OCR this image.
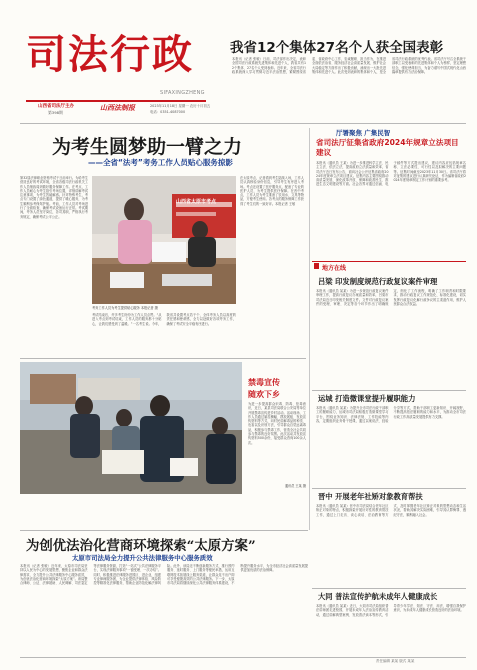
司法行政
SIFAXINGZHENG
山西省司法厅主办
第398期
山西法制报	2023年11月18日 星期一 农历十月初五
电话：0351-4087000
我省12个集体27名个人获全国表彰
本报讯（记者 张敏）日前，司法部作出决定，表彰全国司法行政系统先进集体和先进个人，我省共有12个集体、27名个人受到表彰。近年来，全省司法行政系统深入学习贯彻习近平法治思想，紧紧围绕省委、省政府中心工作，忠诚履职、担当作为，在推进全面依法治省、服务经济社会高质量发展、维护社会大局稳定等方面作出了积极贡献，涌现出一大批先进集体和先进个人。此次受到表彰的集体和个人，是全省司法行政系统的优秀代表。省司法厅号召全系统干部职工以受表彰的先进集体和个人为榜样，坚定理想信念，强化使命担当，为奋力谱写中国式现代化山西篇章提供有力法治保障。
为考生圆梦助一臂之力
——全省“法考”考务工作人员贴心服务掠影
第32届法律职业资格考试于日前举行。为给考生营造良好的考试环境，全省各级司法行政机关工作人员细致周到做好服务保障工作。在考点，工作人员耐心为考生指引考场位置，详细讲解考试注意事项，为考生答疑解惑。针对特殊考生，考点专门设置了绿色通道，提供了暖心服务，为考生顺利参考保驾护航。考前，工作人员对考场进行了全面检查，确保考试设备运行正常。考试期间，考务人员坚守岗位，各司其职，严格执行考务规定，确保考试公平公正。
山西省太原市考点
考务工作人员为考生提供贴心服务 本报记者 摄
考试结束后，许多考生纷纷为工作人员点赞。“从进入考点到考试结束，工作人员的服务都十分贴心，让我们感受到了温暖。”一名考生说。今年，我省共设置考点若干个，全体考务人员以高度的责任感和使命感，全力以赴做好各项考务工作，确保了考试安全平稳有序进行。
在太原考点，记者看到考生陆续入场，工作人员认真核验身份信息，引导考生有序进入考场。考点还设置了医疗服务点，配备了专业的医护人员，为考生提供医疗保障。在晋中考点，工作人员为考生准备了饮用水、文具等物品，方便考生使用。各考点的服务保障工作获得了考生们的一致好评。本报记者 王敏
禁毒宣传
随欢下乡
为进一步提高群众识毒、防毒、拒毒意识，近日，某县司法局联合公安局等单位开展禁毒宣传进乡村活动。活动现场，工作人员通过悬挂横幅、摆放展板、发放宣传资料等方式，向村民讲解毒品的种类、危害以及识别方法，引导群众自觉远离毒品，积极参与禁毒工作，营造全社会共同参与禁毒的良好氛围。此次活动共发放宣传资料500余份，接受群众咨询100余人次。
通讯员 王某 摄
厅署聚焦 广集民智
省司法厅征集省政府2024年规章立法项目建议
本报讯（通讯员 王某）为进一步推进科学立法、民主立法、依法立法，提高政府立法质量和效率，省司法厅近日发布公告，面向社会公开征集省政府2024年度规章立法项目建议。征集内容主要围绕推动高质量发展、深化改革开放、保障和改善民生、推进生态文明建设等方面。社会各界可通过信函、电子邮件等方式提出建议，建议内容应包括规章名称、立法必要性、可行性以及拟解决的主要问题等。征集时间截至2023年11月30日。省司法厅将对征集的建议进行认真研究论证，作为编制省政府2024年度规章制定工作计划的重要参考。
地方在线
吕梁 印发制度规范行政复议案件审理
本报讯（通讯员 某某）为进一步规范行政复议案件审理工作，提高行政复议办案质量和效率，吕梁市司法局近日印发相关制度文件。文件对行政复议案件的受理、审理、决定等各个环节作出了明确规定，细化了工作流程，明确了工作职责和时限要求，推动行政复议工作规范化、标准化建设，切实发挥行政复议化解行政争议的主渠道作用，维护人民群众合法权益。
运城 打造微课堂提升履职能力
本报讯（通讯员 某某）为提升全市司法行政干部职工的履职能力，运城市司法局积极打造微课堂学习平台，围绕业务知识、法律法规、工作技能等内容，定期组织业务骨干授课，通过以案说法、经验分享等方式，帮助干部职工更新知识、开阔视野，不断提高依法履职的能力和水平，为推动全市司法行政工作高质量发展提供有力支撑。
晋中 开展老年社矫对象教育帮扶
本报讯（通讯员 某某）晋中市司法局结合老年社区矫正对象的特点，积极探索开展针对性的教育帮扶工作，通过上门走访、谈心谈话、法治教育等方式，及时掌握老年社区矫正对象的思想动态和生活状况，帮助其解决实际困难，引导其认罪悔罪、遵纪守法，顺利融入社会。
大同 普法宣传护航未成年人健康成长
本报讯（通讯员 某某）近日，大同市司法局组织普法讲师团走进校园，开展未成年人法治宣传教育活动，通过讲解典型案例、发放普法读本等形式，引导青少年学法、知法、守法、用法，增强自我保护意识，为未成年人健康成长营造良好的法治环境。
为创优法治化营商环境探索“太原方案”
太原市司法局全力提升公共法律服务中心服务质效
本报讯（记者 张敏）近年来，太原市司法局坚持以人民为中心的发展思想，聚焦企业和群众法律需求，全力提升公共法律服务中心服务质效，为创优法治化营商环境探索“太原方案”。该局整合律师、公证、法律援助、人民调解、司法鉴定等法律服务资源，打造“一站式”公共法律服务平台，实现法律服务事项“一窗受理、一次办结”。同时，积极推进法律服务进园区、进企业，组建专业律师服务团，为企业提供法律体检、风险防控等精准化法律服务，帮助企业防范化解法律风险。此外，该局还不断创新服务方式，推行预约服务、延时服务、上门服务等便民举措，运用互联网技术拓展线上服务渠道，让群众足不出户即可享受便捷高效的公共法律服务。下一步，太原市司法局将继续深化公共法律服务体系建设，不断提升服务水平，为全市经济社会高质量发展提供更加优质的法治保障。
责任编辑 某某 版式 某某
